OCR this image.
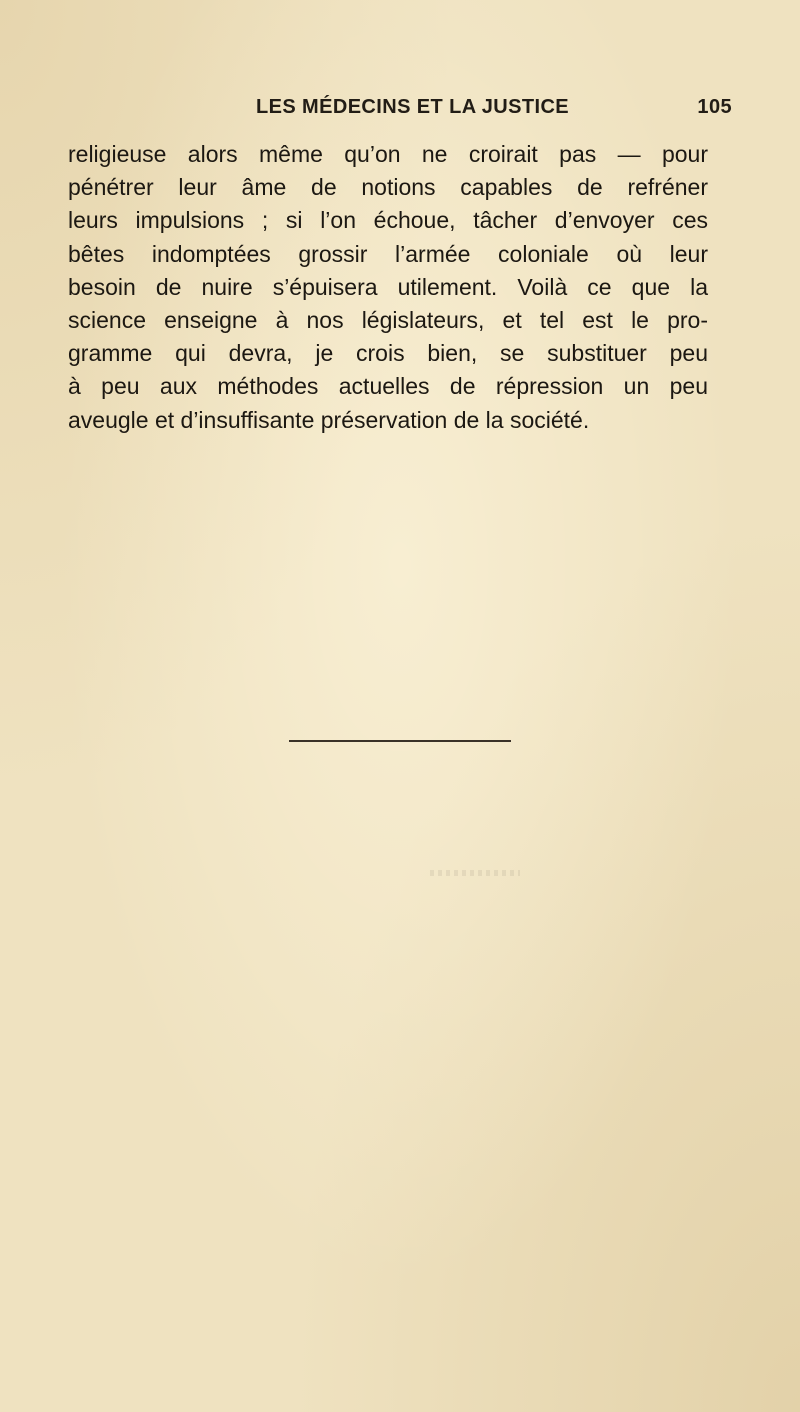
LES MÉDECINS ET LA JUSTICE	105
religieuse alors même qu’on ne croirait pas — pour
pénétrer leur âme de notions capables de refréner
leurs impulsions ; si l’on échoue, tâcher d’envoyer ces
bêtes indomptées grossir l’armée coloniale où leur
besoin de nuire s’épuisera utilement. Voilà ce que la
science enseigne à nos législateurs, et tel est le pro-
gramme qui devra, je crois bien, se substituer peu
à peu aux méthodes actuelles de répression un peu
aveugle et d’insuffisante préservation de la société.
